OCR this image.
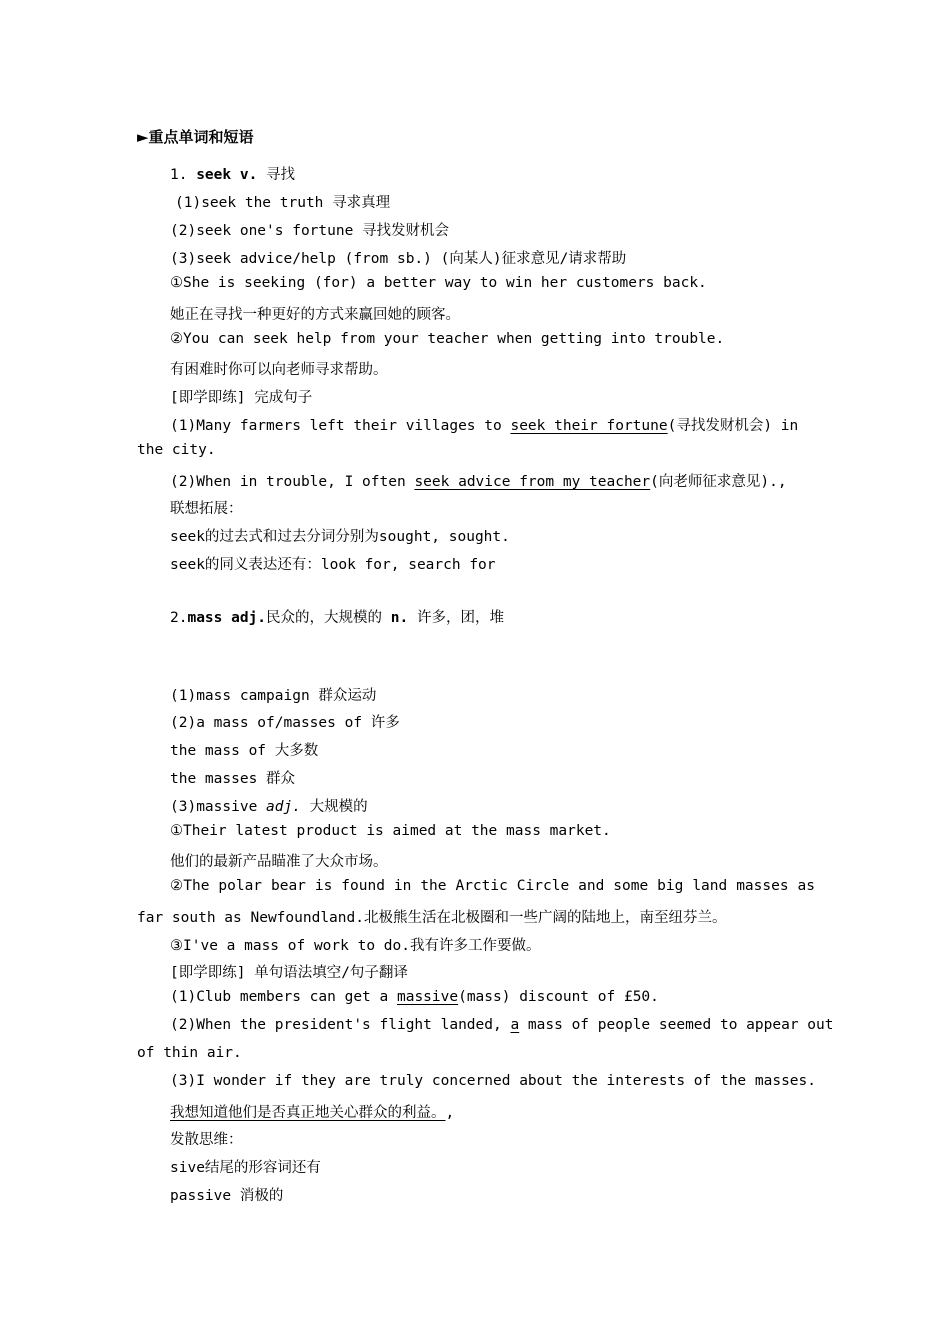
►重点单词和短语
1. seek v. 寻找
(1)seek the truth 寻求真理
(2)seek one's fortune 寻找发财机会
(3)seek advice/help (from sb.) (向某人)征求意见/请求帮助
①She is seeking (for) a better way to win her customers back.
她正在寻找一种更好的方式来赢回她的顾客。
②You can seek help from your teacher when getting into trouble.
有困难时你可以向老师寻求帮助。
[即学即练] 完成句子
(1)Many farmers left their villages to seek their fortune(寻找发财机会) in
the city.
(2)When in trouble, I often seek advice from my teacher(向老师征求意见).,
联想拓展：
seek的过去式和过去分词分别为sought, sought.
seek的同义表达还有：look for, search for
2.mass adj.民众的，大规模的 n. 许多，团，堆
(1)mass campaign 群众运动
(2)a mass of/masses of 许多
the mass of 大多数
the masses 群众
(3)massive adj. 大规模的
①Their latest product is aimed at the mass market.
他们的最新产品瞄准了大众市场。
②The polar bear is found in the Arctic Circle and some big land masses as
far south as Newfoundland.北极熊生活在北极圈和一些广阔的陆地上，南至纽芬兰。
③I've a mass of work to do.我有许多工作要做。
[即学即练] 单句语法填空/句子翻译
(1)Club members can get a massive(mass) discount of £50.
(2)When the president's flight landed, a mass of people seemed to appear out
of thin air.
(3)I wonder if they are truly concerned about the interests of the masses.
我想知道他们是否真正地关心群众的利益。,
发散思维：
sive结尾的形容词还有
passive 消极的
